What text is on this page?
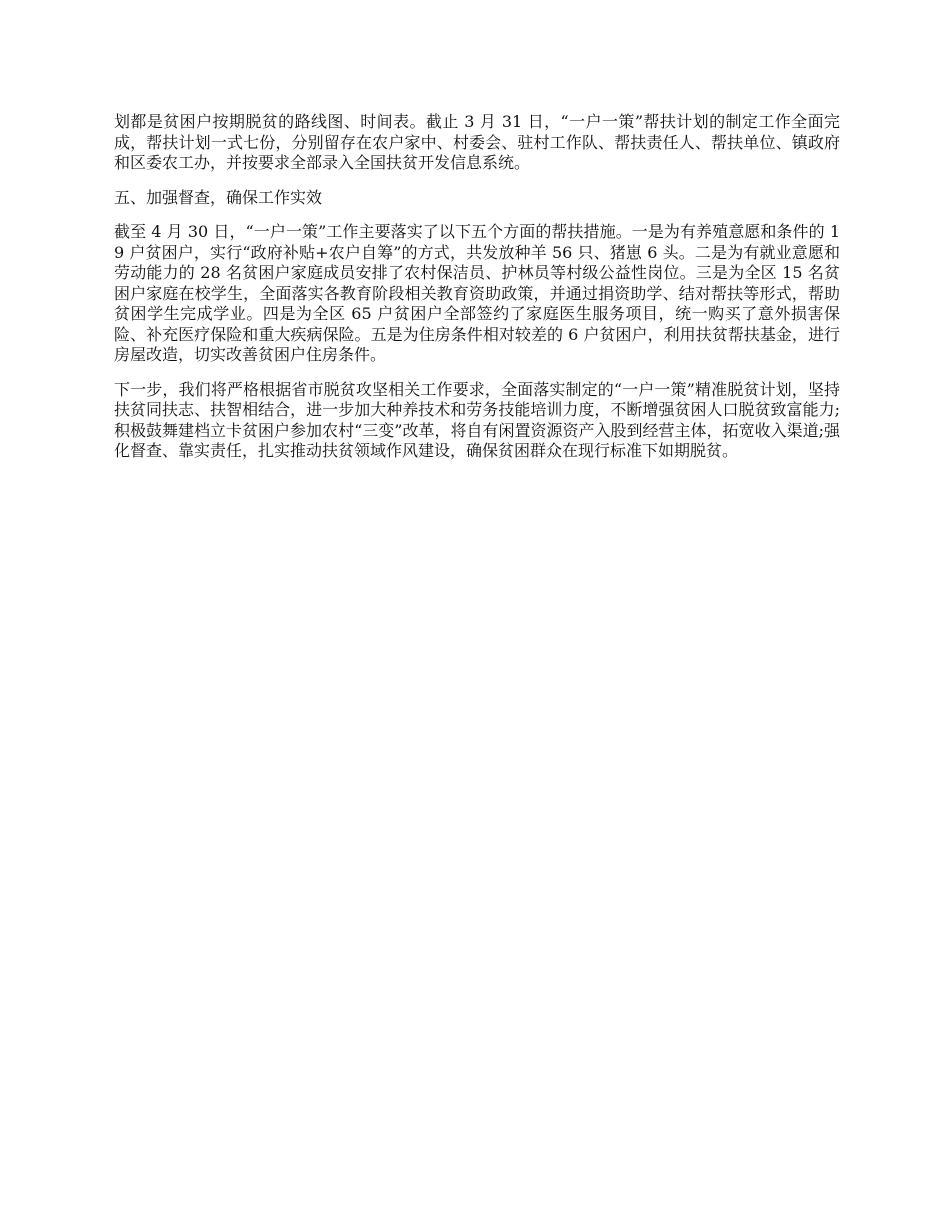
划都是贫困户按期脱贫的路线图、时间表。截止 3 月 31 日，“一户一策”帮扶计划的制定工作全面完成，帮扶计划一式七份，分别留存在农户家中、村委会、驻村工作队、帮扶责任人、帮扶单位、镇政府和区委农工办，并按要求全部录入全国扶贫开发信息系统。

五、加强督查，确保工作实效

截至 4 月 30 日，“一户一策”工作主要落实了以下五个方面的帮扶措施。一是为有养殖意愿和条件的 19 户贫困户，实行“政府补贴+农户自筹”的方式，共发放种羊 56 只、猪崽 6 头。二是为有就业意愿和劳动能力的 28 名贫困户家庭成员安排了农村保洁员、护林员等村级公益性岗位。三是为全区 15 名贫困户家庭在校学生，全面落实各教育阶段相关教育资助政策，并通过捐资助学、结对帮扶等形式，帮助贫困学生完成学业。四是为全区 65 户贫困户全部签约了家庭医生服务项目，统一购买了意外损害保险、补充医疗保险和重大疾病保险。五是为住房条件相对较差的 6 户贫困户，利用扶贫帮扶基金，进行房屋改造，切实改善贫困户住房条件。

下一步，我们将严格根据省市脱贫攻坚相关工作要求，全面落实制定的“一户一策”精准脱贫计划，坚持扶贫同扶志、扶智相结合，进一步加大种养技术和劳务技能培训力度，不断增强贫困人口脱贫致富能力;积极鼓舞建档立卡贫困户参加农村“三变”改革，将自有闲置资源资产入股到经营主体，拓宽收入渠道;强化督查、靠实责任，扎实推动扶贫领域作风建设，确保贫困群众在现行标准下如期脱贫。
